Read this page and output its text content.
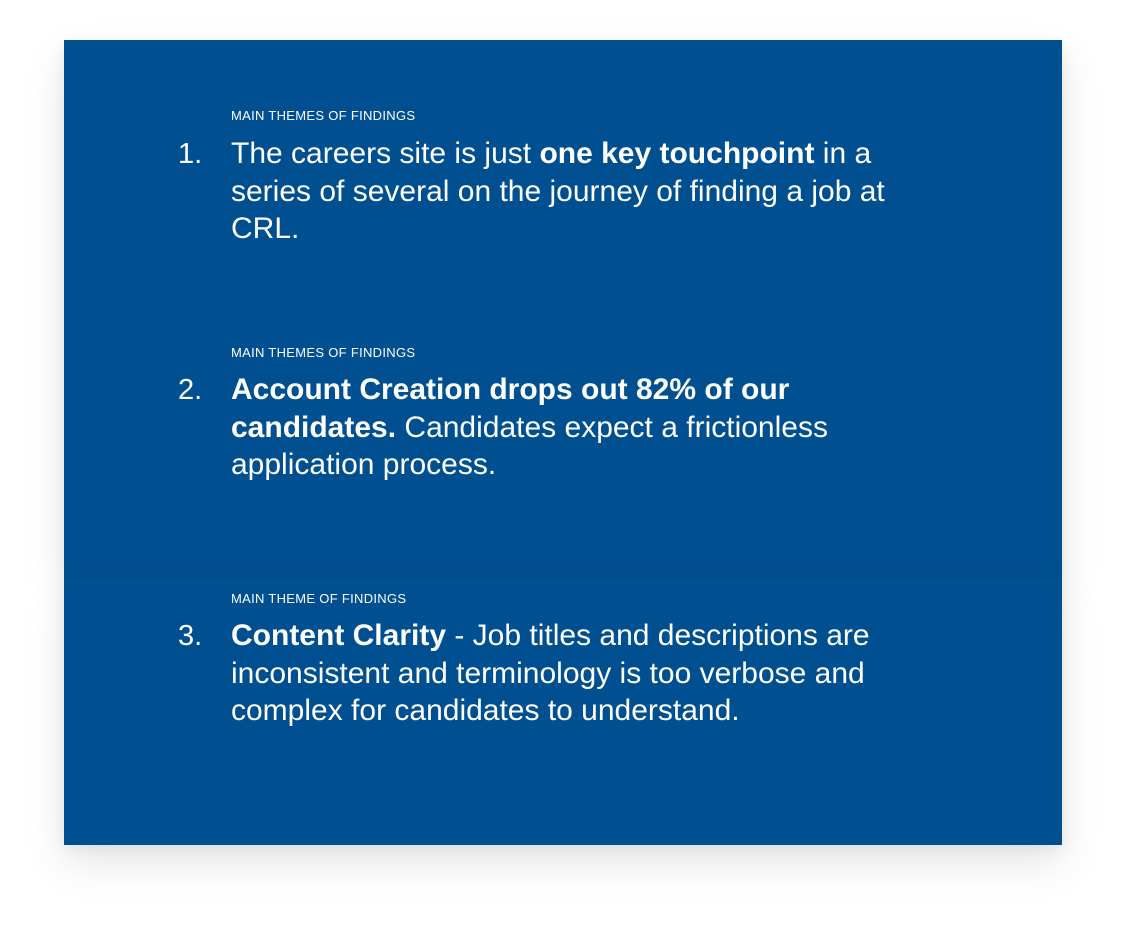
MAIN THEMES OF FINDINGS
1. The careers site is just one key touchpoint in a series of several on the journey of finding a job at CRL.
MAIN THEMES OF FINDINGS
2. Account Creation drops out 82% of our candidates. Candidates expect a frictionless application process.
MAIN THEME OF FINDINGS
3. Content Clarity - Job titles and descriptions are inconsistent and terminology is too verbose and complex for candidates to understand.
